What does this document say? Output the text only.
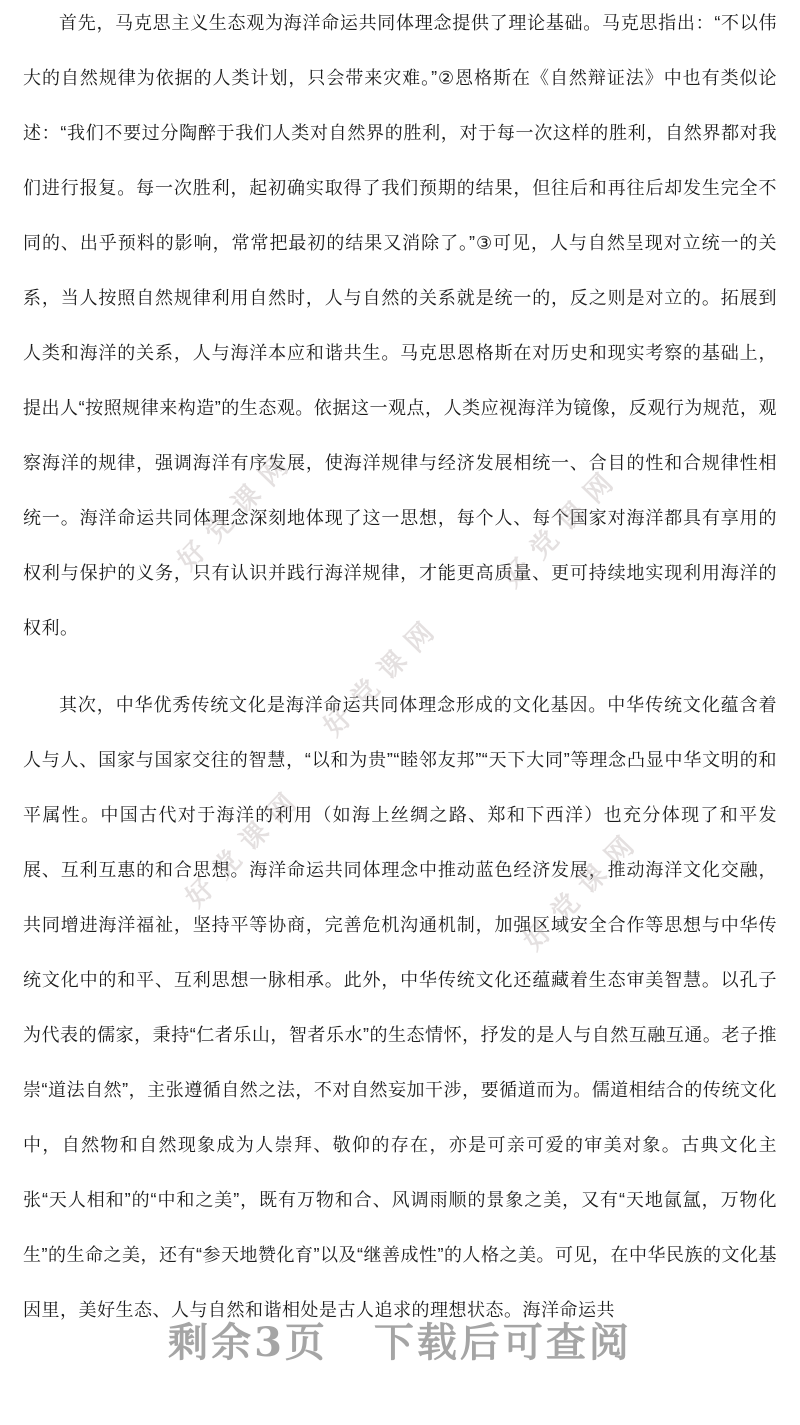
首先，马克思主义生态观为海洋命运共同体理念提供了理论基础。马克思指出：“不以伟大的自然规律为依据的人类计划，只会带来灾难。”②恩格斯在《自然辩证法》中也有类似论述：“我们不要过分陶醉于我们人类对自然界的胜利，对于每一次这样的胜利，自然界都对我们进行报复。每一次胜利，起初确实取得了我们预期的结果，但往后和再往后却发生完全不同的、出乎预料的影响，常常把最初的结果又消除了。”③可见，人与自然呈现对立统一的关系，当人按照自然规律利用自然时，人与自然的关系就是统一的，反之则是对立的。拓展到人类和海洋的关系，人与海洋本应和谐共生。马克思恩格斯在对历史和现实考察的基础上，提出人“按照规律来构造”的生态观。依据这一观点，人类应视海洋为镜像，反观行为规范，观察海洋的规律，强调海洋有序发展，使海洋规律与经济发展相统一、合目的性和合规律性相统一。海洋命运共同体理念深刻地体现了这一思想，每个人、每个国家对海洋都具有享用的权利与保护的义务，只有认识并践行海洋规律，才能更高质量、更可持续地实现利用海洋的权利。

其次，中华优秀传统文化是海洋命运共同体理念形成的文化基因。中华传统文化蕴含着人与人、国家与国家交往的智慧，“以和为贵”“睦邻友邦”“天下大同”等理念凸显中华文明的和平属性。中国古代对于海洋的利用（如海上丝绸之路、郑和下西洋）也充分体现了和平发展、互利互惠的和合思想。海洋命运共同体理念中推动蓝色经济发展，推动海洋文化交融，共同增进海洋福祉，坚持平等协商，完善危机沟通机制，加强区域安全合作等思想与中华传统文化中的和平、互利思想一脉相承。此外，中华传统文化还蕴藏着生态审美智慧。以孔子为代表的儒家，秉持“仁者乐山，智者乐水”的生态情怀，抒发的是人与自然互融互通。老子推崇“道法自然”，主张遵循自然之法，不对自然妄加干涉，要循道而为。儒道相结合的传统文化中，自然物和自然现象成为人崇拜、敬仰的存在，亦是可亲可爱的审美对象。古典文化主张“天人相和”的“中和之美”，既有万物和合、风调雨顺的景象之美，又有“天地氤氲，万物化生”的生命之美，还有“参天地赞化育”以及“继善成性”的人格之美。可见，在中华民族的文化基因里，美好生态、人与自然和谐相处是古人追求的理想状态。海洋命运共

好党课网	好党课网
好党课网
好党课网	好党课网
剩余3页 下载后可查阅
